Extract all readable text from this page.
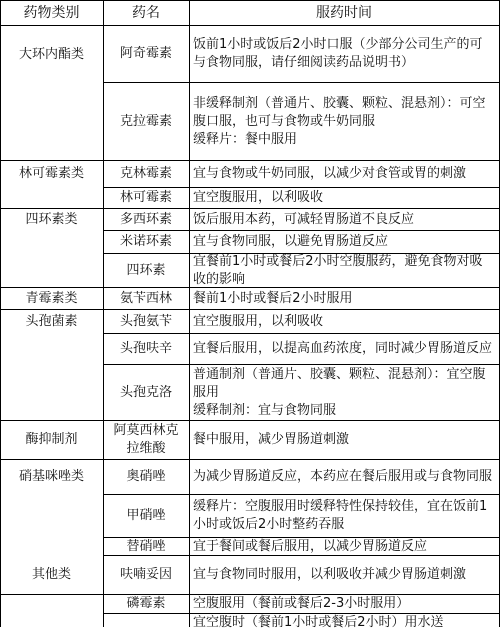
药物类别	药名	服药时间
大环内酯类
林可霉素类
四环素类
青霉素类
头孢菌素
酶抑制剂
硝基咪唑类
其他类
阿奇霉素
克拉霉素
克林霉素
林可霉素
多西环素
米诺环素
四环素
氨苄西林
头孢氨苄
头孢呋辛
头孢克洛
阿莫西林克拉维酸
奥硝唑
甲硝唑
替硝唑
呋喃妥因
磷霉素
饭前1小时或饭后2小时口服（少部分公司生产的可与食物同服，请仔细阅读药品说明书）
非缓释制剂（普通片、胶囊、颗粒、混悬剂）：可空腹口服，也可与食物或牛奶同服
缓释片：餐中服用
宜与食物或牛奶同服，以减少对食管或胃的刺激
宜空腹服用，以利吸收
饭后服用本药，可减轻胃肠道不良反应
宜与食物同服，以避免胃肠道反应
宜餐前1小时或餐后2小时空腹服药，避免食物对吸收的影响
餐前1小时或餐后2小时服用
宜空腹服用，以利吸收
宜餐后服用，以提高血药浓度，同时减少胃肠道反应
普通制剂（普通片、胶囊、颗粒、混悬剂）：宜空腹服用
缓释制剂：宜与食物同服
餐中服用，减少胃肠道刺激
为减少胃肠道反应，本药应在餐后服用或与食物同服
缓释片：空腹服用时缓释特性保持较佳，宜在饭前1小时或饭后2小时整药吞服
宜于餐间或餐后服用，以减少胃肠道反应
宜与食物同时服用，以利吸收并减少胃肠道刺激
空腹服用（餐前或餐后2-3小时服用）
宜空腹时（餐前1小时或餐后2小时）用水送
